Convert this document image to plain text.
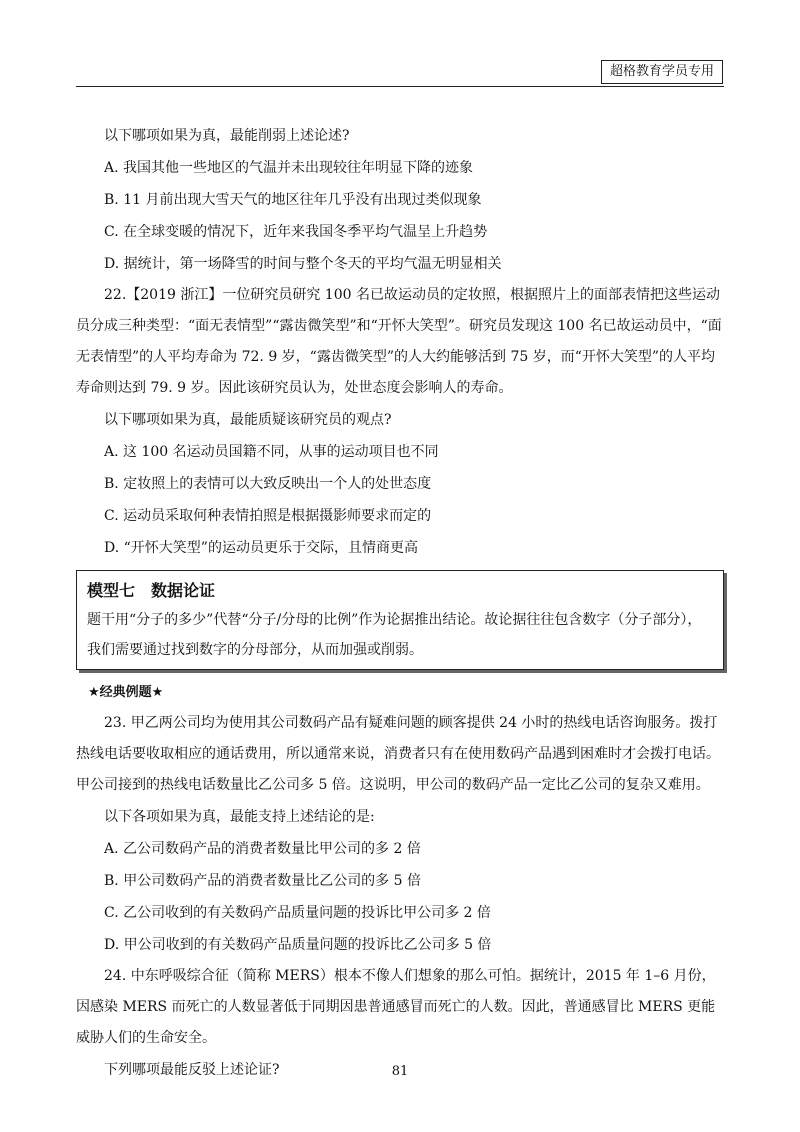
超格教育学员专用

以下哪项如果为真，最能削弱上述论述?

A. 我国其他一些地区的气温并未出现较往年明显下降的迹象

B. 11 月前出现大雪天气的地区往年几乎没有出现过类似现象

C. 在全球变暖的情况下，近年来我国冬季平均气温呈上升趋势

D. 据统计，第一场降雪的时间与整个冬天的平均气温无明显相关

22.【2019 浙江】一位研究员研究 100 名已故运动员的定妆照，根据照片上的面部表情把这些运动员分成三种类型：“面无表情型”“露齿微笑型”和“开怀大笑型”。研究员发现这 100 名已故运动员中，“面无表情型”的人平均寿命为 72. 9 岁，“露齿微笑型”的人大约能够活到 75 岁，而“开怀大笑型”的人平均寿命则达到 79. 9 岁。因此该研究员认为，处世态度会影响人的寿命。

以下哪项如果为真，最能质疑该研究员的观点?

A. 这 100 名运动员国籍不同，从事的运动项目也不同

B. 定妆照上的表情可以大致反映出一个人的处世态度

C. 运动员采取何种表情拍照是根据摄影师要求而定的

D. “开怀大笑型”的运动员更乐于交际，且情商更高

模型七 数据论证

题干用“分子的多少”代替“分子/分母的比例”作为论据推出结论。故论据往往包含数字（分子部分），我们需要通过找到数字的分母部分，从而加强或削弱。

★经典例题★

23. 甲乙两公司均为使用其公司数码产品有疑难问题的顾客提供 24 小时的热线电话咨询服务。拨打热线电话要收取相应的通话费用，所以通常来说，消费者只有在使用数码产品遇到困难时才会拨打电话。甲公司接到的热线电话数量比乙公司多 5 倍。这说明，甲公司的数码产品一定比乙公司的复杂又难用。

以下各项如果为真，最能支持上述结论的是:

A. 乙公司数码产品的消费者数量比甲公司的多 2 倍

B. 甲公司数码产品的消费者数量比乙公司的多 5 倍

C. 乙公司收到的有关数码产品质量问题的投诉比甲公司多 2 倍

D. 甲公司收到的有关数码产品质量问题的投诉比乙公司多 5 倍

24. 中东呼吸综合征（简称 MERS）根本不像人们想象的那么可怕。据统计，2015 年 1–6 月份，因感染 MERS 而死亡的人数显著低于同期因患普通感冒而死亡的人数。因此，普通感冒比 MERS 更能威胁人们的生命安全。

下列哪项最能反驳上述论证?	81
